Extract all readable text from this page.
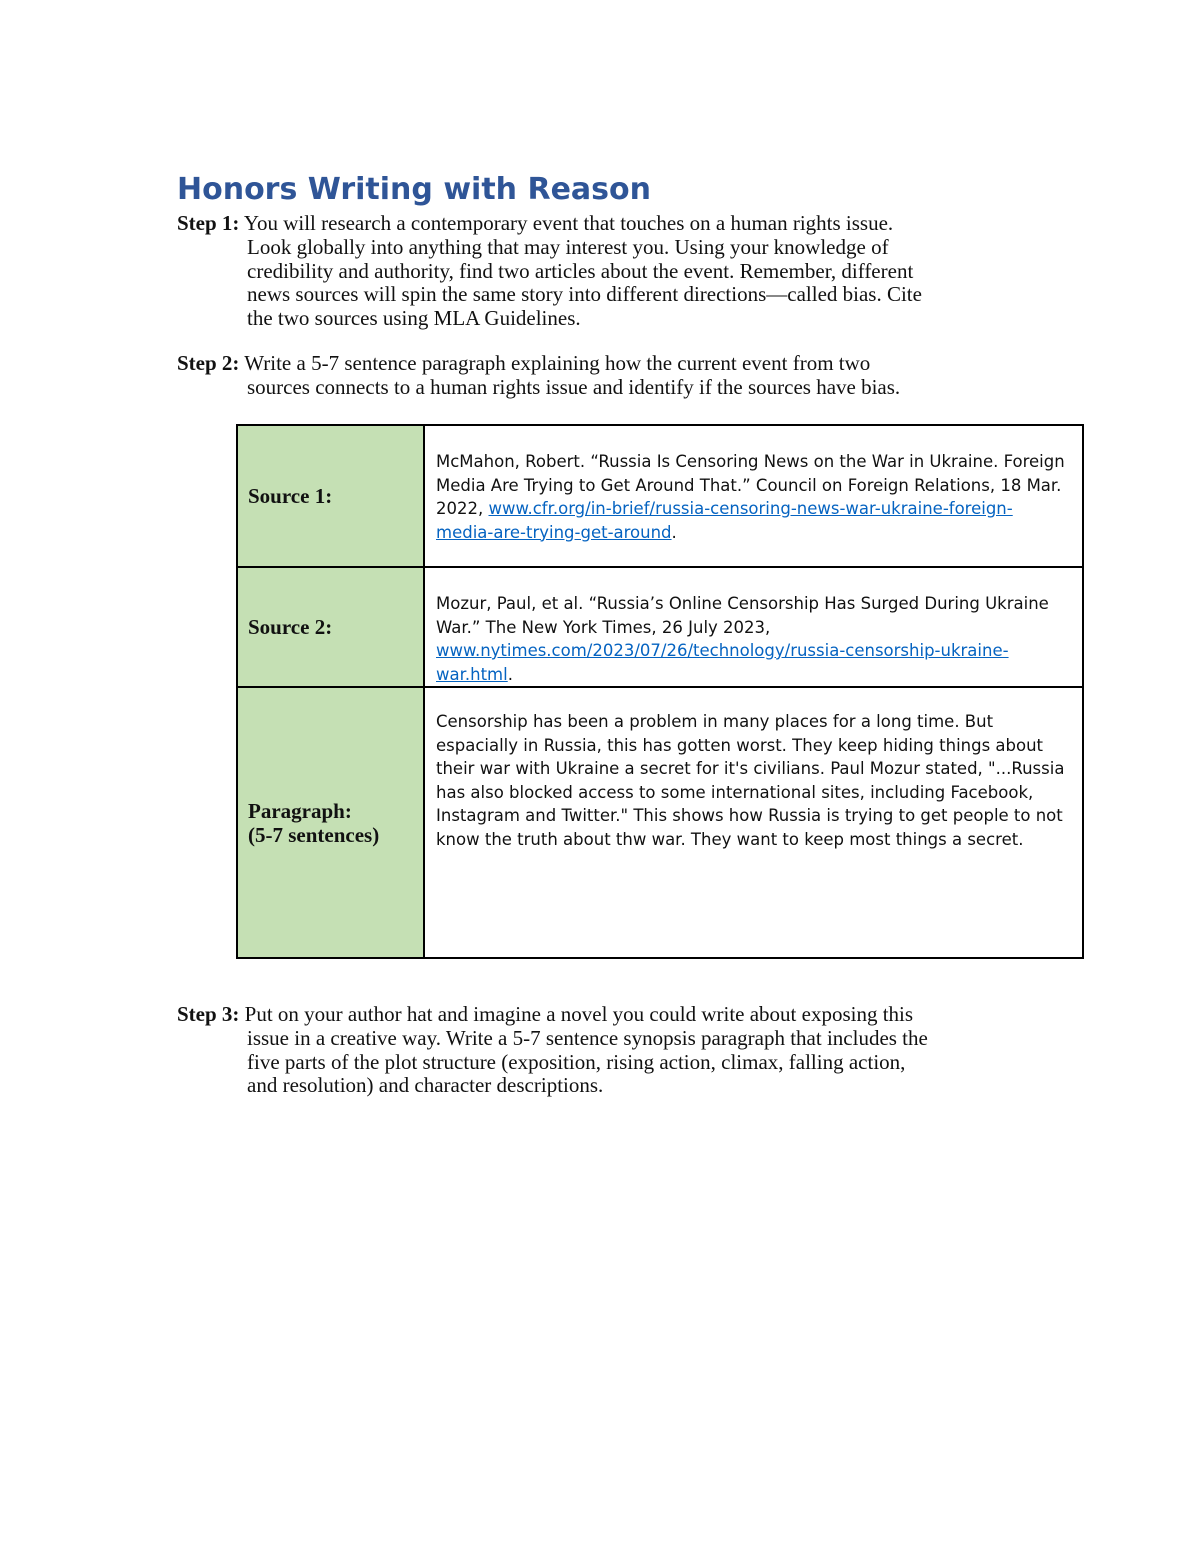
Honors Writing with Reason

Step 1: You will research a contemporary event that touches on a human rights issue.
Look globally into anything that may interest you. Using your knowledge of
credibility and authority, find two articles about the event. Remember, different
news sources will spin the same story into different directions—called bias. Cite
the two sources using MLA Guidelines.

Step 2: Write a 5-7 sentence paragraph explaining how the current event from two
sources connects to a human rights issue and identify if the sources have bias.

Source 1:	McMahon, Robert. “Russia Is Censoring News on the War in Ukraine. Foreign Media Are Trying to Get Around That.” Council on Foreign Relations, 18 Mar. 2022, www.cfr.org/in-brief/russia-censoring-news-war-ukraine-foreign-media-are-trying-get-around.
Source 2:	Mozur, Paul, et al. “Russia’s Online Censorship Has Surged During Ukraine War.” The New York Times, 26 July 2023, www.nytimes.com/2023/07/26/technology/russia-censorship-ukraine-war.html.

Paragraph:
(5-7 sentences)	Censorship has been a problem in many places for a long time. But espacially in Russia, this has gotten worst. They keep hiding things about their war with Ukraine a secret for it's civilians. Paul Mozur stated, "...Russia has also blocked access to some international sites, including Facebook, Instagram and Twitter." This shows how Russia is trying to get people to not know the truth about thw war. They want to keep most things a secret.

Step 3: Put on your author hat and imagine a novel you could write about exposing this
issue in a creative way. Write a 5-7 sentence synopsis paragraph that includes the
five parts of the plot structure (exposition, rising action, climax, falling action,
and resolution) and character descriptions.
